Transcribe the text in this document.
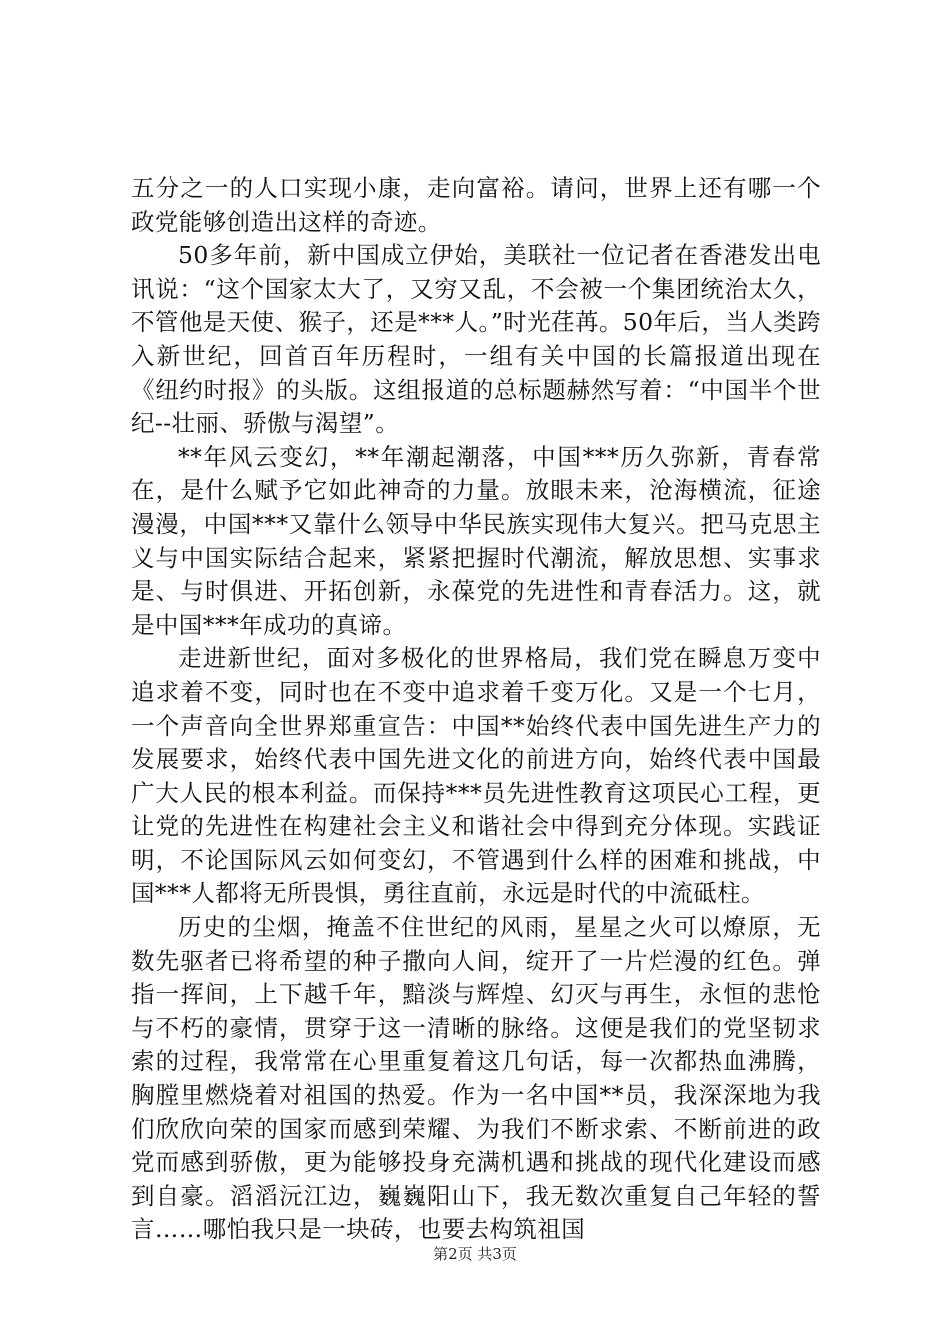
五分之一的人口实现小康，走向富裕。请问，世界上还有哪一个政党能够创造出这样的奇迹。

50多年前，新中国成立伊始，美联社一位记者在香港发出电讯说：“这个国家太大了，又穷又乱，不会被一个集团统治太久，不管他是天使、猴子，还是***人。”时光荏苒。50年后，当人类跨入新世纪，回首百年历程时，一组有关中国的长篇报道出现在《纽约时报》的头版。这组报道的总标题赫然写着：“中国半个世纪--壮丽、骄傲与渴望”。

**年风云变幻，**年潮起潮落，中国***历久弥新，青春常在，是什么赋予它如此神奇的力量。放眼未来，沧海横流，征途漫漫，中国***又靠什么领导中华民族实现伟大复兴。把马克思主义与中国实际结合起来，紧紧把握时代潮流，解放思想、实事求是、与时俱进、开拓创新，永葆党的先进性和青春活力。这，就是中国***年成功的真谛。

走进新世纪，面对多极化的世界格局，我们党在瞬息万变中追求着不变，同时也在不变中追求着千变万化。又是一个七月，一个声音向全世界郑重宣告：中国**始终代表中国先进生产力的发展要求，始终代表中国先进文化的前进方向，始终代表中国最广大人民的根本利益。而保持***员先进性教育这项民心工程，更让党的先进性在构建社会主义和谐社会中得到充分体现。实践证明，不论国际风云如何变幻，不管遇到什么样的困难和挑战，中国***人都将无所畏惧，勇往直前，永远是时代的中流砥柱。

历史的尘烟，掩盖不住世纪的风雨，星星之火可以燎原，无数先驱者已将希望的种子撒向人间，绽开了一片烂漫的红色。弹指一挥间，上下越千年，黯淡与辉煌、幻灭与再生，永恒的悲怆与不朽的豪情，贯穿于这一清晰的脉络。这便是我们的党坚韧求索的过程，我常常在心里重复着这几句话，每一次都热血沸腾，胸膛里燃烧着对祖国的热爱。作为一名中国**员，我深深地为我们欣欣向荣的国家而感到荣耀、为我们不断求索、不断前进的政党而感到骄傲，更为能够投身充满机遇和挑战的现代化建设而感到自豪。滔滔沅江边，巍巍阳山下，我无数次重复自己年轻的誓言……哪怕我只是一块砖，也要去构筑祖国

第2页 共3页
